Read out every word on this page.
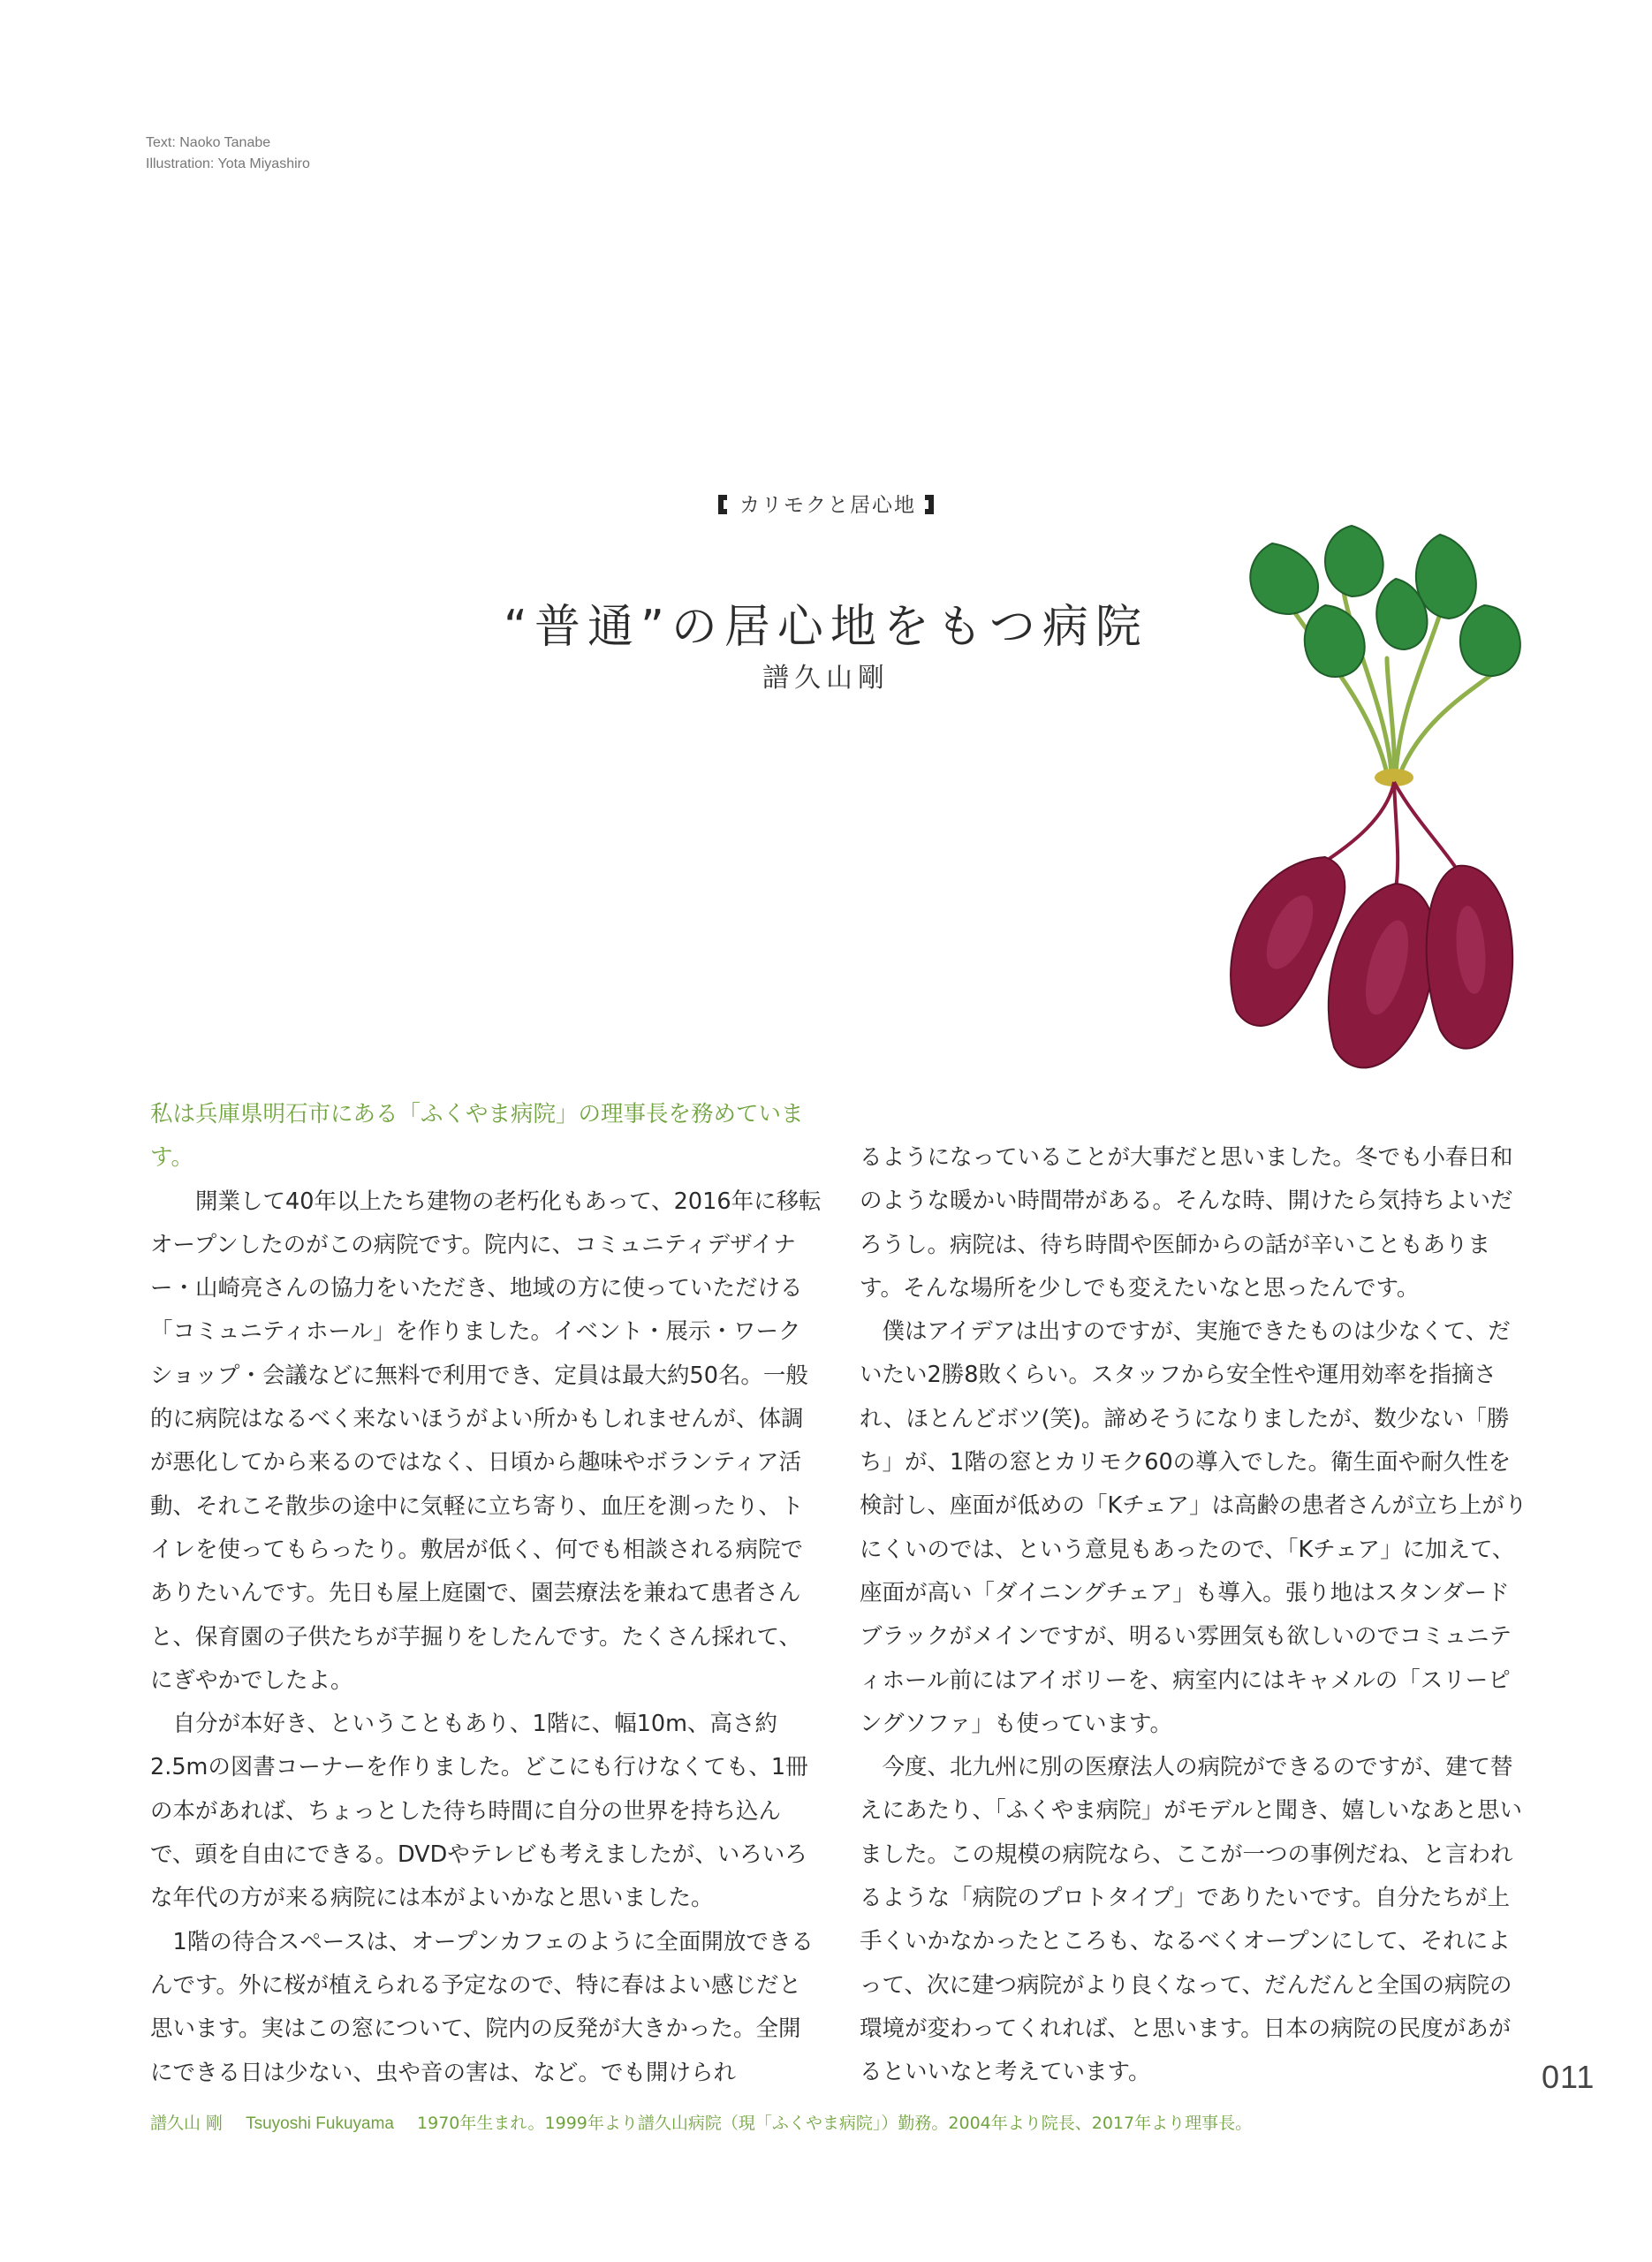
Text: Naoko Tanabe
Illustration: Yota Miyashiro
カリモクと居心地
“普通”の居心地をもつ病院
譜久山剛

私は兵庫県明石市にある「ふくやま病院」の理事長を務めています。

開業して40年以上たち建物の老朽化もあって、2016年に移転オープンしたのがこの病院です。院内に、コミュニティデザイナー・山崎亮さんの協力をいただき、地域の方に使っていただける「コミュニティホール」を作りました。イベント・展示・ワークショップ・会議などに無料で利用でき、定員は最大約50名。一般的に病院はなるべく来ないほうがよい所かもしれませんが、体調が悪化してから来るのではなく、日頃から趣味やボランティア活動、それこそ散歩の途中に気軽に立ち寄り、血圧を測ったり、トイレを使ってもらったり。敷居が低く、何でも相談される病院でありたいんです。先日も屋上庭園で、園芸療法を兼ねて患者さんと、保育園の子供たちが芋掘りをしたんです。たくさん採れて、にぎやかでしたよ。

自分が本好き、ということもあり、1階に、幅10m、高さ約2.5mの図書コーナーを作りました。どこにも行けなくても、1冊の本があれば、ちょっとした待ち時間に自分の世界を持ち込んで、頭を自由にできる。DVDやテレビも考えましたが、いろいろな年代の方が来る病院には本がよいかなと思いました。

1階の待合スペースは、オープンカフェのように全面開放できるんです。外に桜が植えられる予定なので、特に春はよい感じだと思います。実はこの窓について、院内の反発が大きかった。全開にできる日は少ない、虫や音の害は、など。でも開けられ

るようになっていることが大事だと思いました。冬でも小春日和のような暖かい時間帯がある。そんな時、開けたら気持ちよいだろうし。病院は、待ち時間や医師からの話が辛いこともあります。そんな場所を少しでも変えたいなと思ったんです。

僕はアイデアは出すのですが、実施できたものは少なくて、だいたい2勝8敗くらい。スタッフから安全性や運用効率を指摘され、ほとんどボツ(笑)。諦めそうになりましたが、数少ない「勝ち」が、1階の窓とカリモク60の導入でした。衛生面や耐久性を検討し、座面が低めの「Kチェア」は高齢の患者さんが立ち上がりにくいのでは、という意見もあったので、「Kチェア」に加えて、座面が高い「ダイニングチェア」も導入。張り地はスタンダードブラックがメインですが、明るい雰囲気も欲しいのでコミュニティホール前にはアイボリーを、病室内にはキャメルの「スリーピングソファ」も使っています。

今度、北九州に別の医療法人の病院ができるのですが、建て替えにあたり、「ふくやま病院」がモデルと聞き、嬉しいなあと思いました。この規模の病院なら、ここが一つの事例だね、と言われるような「病院のプロトタイプ」でありたいです。自分たちが上手くいかなかったところも、なるべくオープンにして、それによって、次に建つ病院がより良くなって、だんだんと全国の病院の環境が変わってくれれば、と思います。日本の病院の民度があがるといいなと考えています。	011
譜久山 剛 Tsuyoshi Fukuyama 1970年生まれ。1999年より譜久山病院（現「ふくやま病院」）勤務。2004年より院長、2017年より理事長。
